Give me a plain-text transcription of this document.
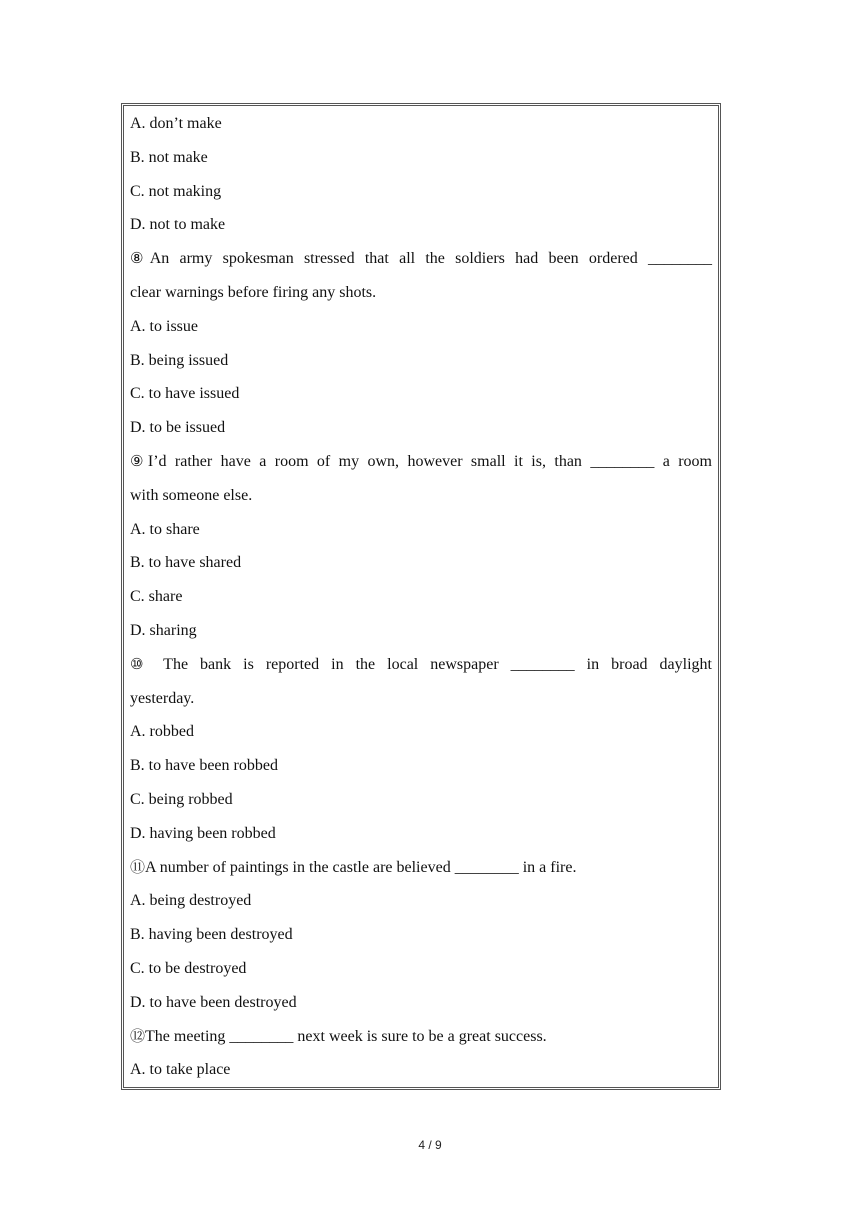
A. don’t make
B. not make
C. not making
D. not to make
⑧An army spokesman stressed that all the soldiers had been ordered ________
clear warnings before firing any shots.
A. to issue
B. being issued
C. to have issued
D. to be issued
⑨I’d rather have a room of my own, however small it is, than ________ a room
with someone else.
A. to share
B. to have shared
C. share
D. sharing
⑩ The bank is reported in the local newspaper ________ in broad daylight
yesterday.
A. robbed
B. to have been robbed
C. being robbed
D. having been robbed
⑪A number of paintings in the castle are believed ________ in a fire.
A. being destroyed
B. having been destroyed
C. to be destroyed
D. to have been destroyed
⑫The meeting ________ next week is sure to be a great success.
A. to take place
4 / 9
